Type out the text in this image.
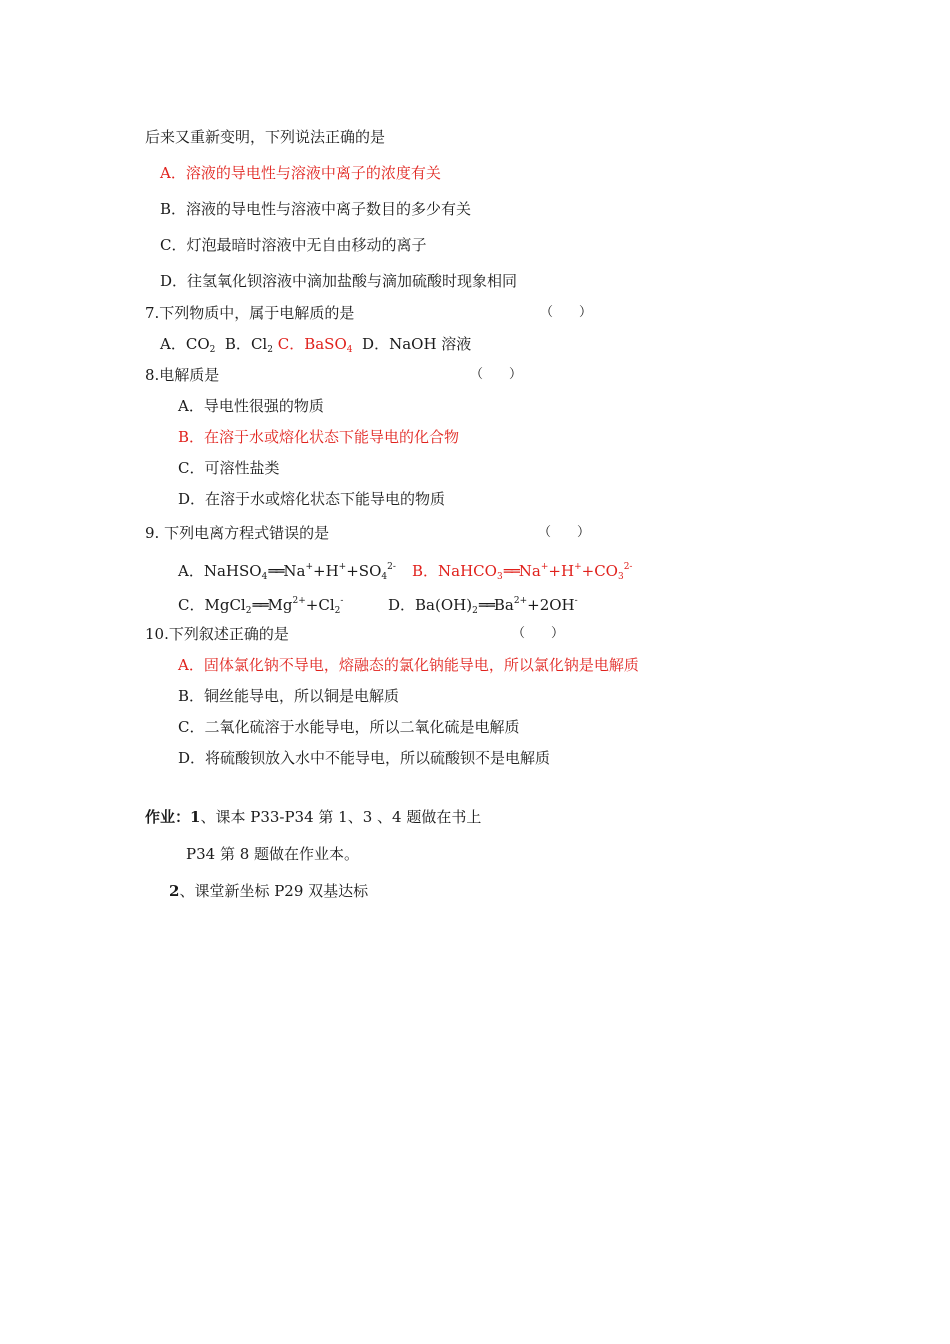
后来又重新变明，下列说法正确的是
A．溶液的导电性与溶液中离子的浓度有关
B．溶液的导电性与溶液中离子数目的多少有关
C．灯泡最暗时溶液中无自由移动的离子
D．往氢氧化钡溶液中滴加盐酸与滴加硫酸时现象相同
7.下列物质中，属于电解质的是	（　　）
A．$CO_2$ B．$Cl_2$ C．BaSO$_4$ D．NaOH 溶液
8.电解质是	（　　）
A．导电性很强的物质
B．在溶于水或熔化状态下能导电的化合物
C．可溶性盐类
D．在溶于水或熔化状态下能导电的物质
9. 下列电离方程式错误的是	（　　）
A．$NaHSO_4══Na^++H^++SO_4^{2-}$ B．$NaHCO_3══Na^++H^++CO_3^{2-}$
C．$MgCl_2══Mg^{2+}+Cl_2^-$	D．$Ba(OH)_2══Ba^{2+}+2OH^-$
10.下列叙述正确的是	（　　）
A．固体氯化钠不导电，熔融态的氯化钠能导电，所以氯化钠是电解质
B．铜丝能导电，所以铜是电解质
C．二氧化硫溶于水能导电，所以二氧化硫是电解质
D．将硫酸钡放入水中不能导电，所以硫酸钡不是电解质
作业：1、课本 P33-P34 第 1、3 、4 题做在书上
P34 第 8 题做在作业本。
2、课堂新坐标 P29 双基达标
